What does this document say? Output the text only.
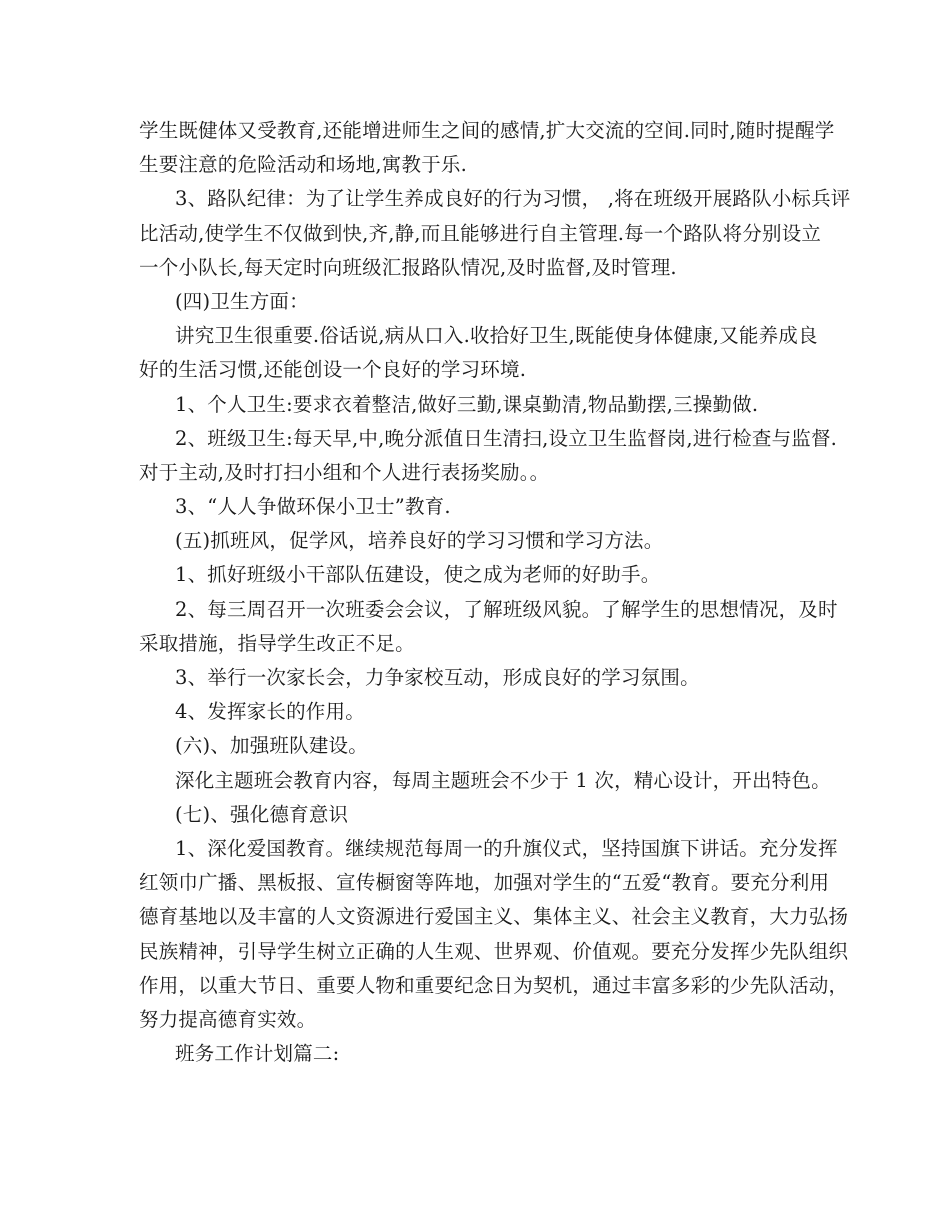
学生既健体又受教育,还能增进师生之间的感情,扩大交流的空间.同时,随时提醒学
生要注意的危险活动和场地,寓教于乐.
3、路队纪律：为了让学生养成良好的行为习惯， ,将在班级开展路队小标兵评
比活动,使学生不仅做到快,齐,静,而且能够进行自主管理.每一个路队将分别设立
一个小队长,每天定时向班级汇报路队情况,及时监督,及时管理.
(四)卫生方面：
讲究卫生很重要.俗话说,病从口入.收拾好卫生,既能使身体健康,又能养成良
好的生活习惯,还能创设一个良好的学习环境.
1、个人卫生:要求衣着整洁,做好三勤,课桌勤清,物品勤摆,三操勤做.
2、班级卫生:每天早,中,晚分派值日生清扫,设立卫生监督岗,进行检查与监督.
对于主动,及时打扫小组和个人进行表扬奖励。。
3、“人人争做环保小卫士”教育.
(五)抓班风，促学风，培养良好的学习习惯和学习方法。
1、抓好班级小干部队伍建设，使之成为老师的好助手。
2、每三周召开一次班委会会议，了解班级风貌。了解学生的思想情况，及时
采取措施，指导学生改正不足。
3、举行一次家长会，力争家校互动，形成良好的学习氛围。
4、发挥家长的作用。
(六)、加强班队建设。
深化主题班会教育内容，每周主题班会不少于 1 次，精心设计，开出特色。
(七)、强化德育意识
1、深化爱国教育。继续规范每周一的升旗仪式，坚持国旗下讲话。充分发挥
红领巾广播、黑板报、宣传橱窗等阵地，加强对学生的“五爱“教育。要充分利用
德育基地以及丰富的人文资源进行爱国主义、集体主义、社会主义教育，大力弘扬
民族精神，引导学生树立正确的人生观、世界观、价值观。要充分发挥少先队组织
作用，以重大节日、重要人物和重要纪念日为契机，通过丰富多彩的少先队活动，
努力提高德育实效。
班务工作计划篇二:
